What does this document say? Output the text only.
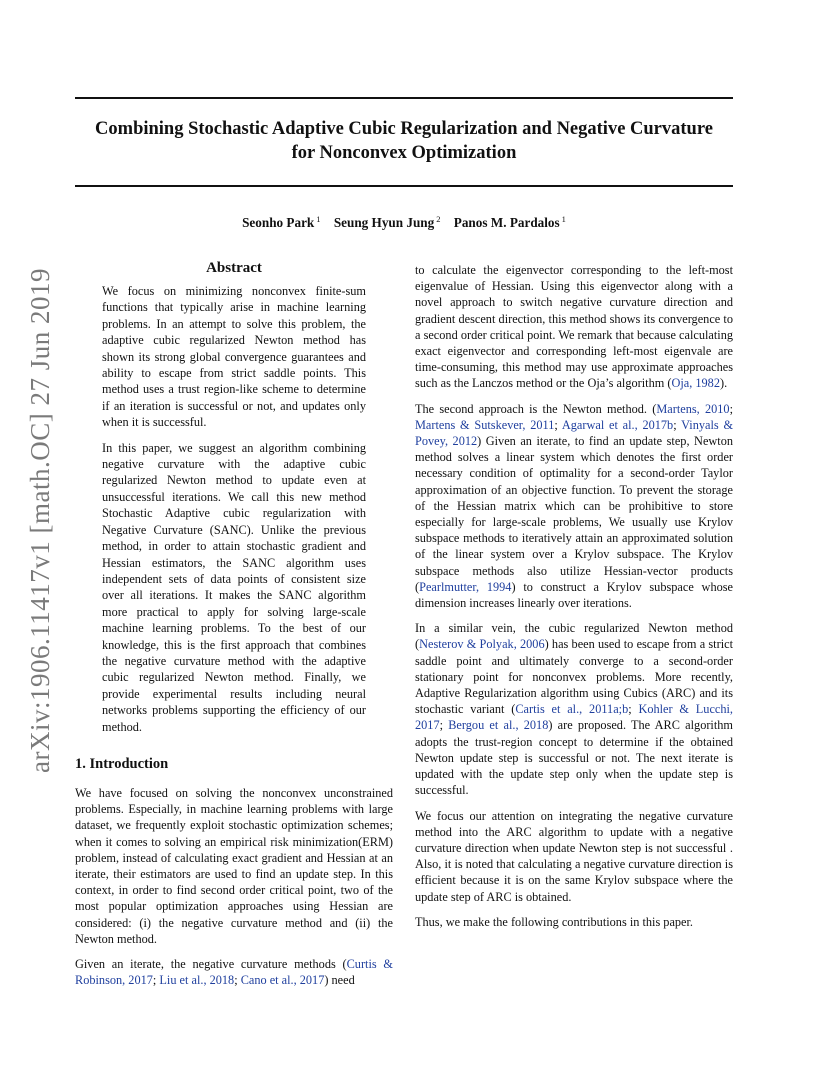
Combining Stochastic Adaptive Cubic Regularization and Negative Curvature
for Nonconvex Optimization
Seonho Park $^1$ Seung Hyun Jung $^2$ Panos M. Pardalos $^1$
arXiv:1906.11417v1 [math.OC] 27 Jun 2019	Abstract

We focus on minimizing nonconvex finite-sum functions that typically arise in machine learning problems. In an attempt to solve this problem, the adaptive cubic regularized Newton method has shown its strong global convergence guarantees and ability to escape from strict saddle points. This method uses a trust region-like scheme to determine if an iteration is successful or not, and updates only when it is successful.

In this paper, we suggest an algorithm combining negative curvature with the adaptive cubic regularized Newton method to update even at unsuccessful iterations. We call this new method Stochastic Adaptive cubic regularization with Negative Curvature (SANC). Unlike the previous method, in order to attain stochastic gradient and Hessian estimators, the SANC algorithm uses independent sets of data points of consistent size over all iterations. It makes the SANC algorithm more practical to apply for solving large-scale machine learning problems. To the best of our knowledge, this is the first approach that combines the negative curvature method with the adaptive cubic regularized Newton method. Finally, we provide experimental results including neural networks problems supporting the efficiency of our method.

1. Introduction

We have focused on solving the nonconvex unconstrained problems. Especially, in machine learning problems with large dataset, we frequently exploit stochastic optimization schemes; when it comes to solving an empirical risk minimization(ERM) problem, instead of calculating exact gradient and Hessian at an iterate, their estimators are used to find an update step. In this context, in order to find second order critical point, two of the most popular optimization approaches using Hessian are considered: (i) the negative curvature method and (ii) the Newton method.

Given an iterate, the negative curvature methods (Curtis & Robinson, 2017; Liu et al., 2018; Cano et al., 2017) need

to calculate the eigenvector corresponding to the left-most eigenvalue of Hessian. Using this eigenvector along with a novel approach to switch negative curvature direction and gradient descent direction, this method shows its convergence to a second order critical point. We remark that because calculating exact eigenvector and corresponding left-most eigenvale are time-consuming, this method may use approximate approaches such as the Lanczos method or the Oja’s algorithm (Oja, 1982).

The second approach is the Newton method. (Martens, 2010; Martens & Sutskever, 2011; Agarwal et al., 2017b; Vinyals & Povey, 2012) Given an iterate, to find an update step, Newton method solves a linear system which denotes the first order necessary condition of optimality for a second-order Taylor approximation of an objective function. To prevent the storage of the Hessian matrix which can be prohibitive to store especially for large-scale problems, We usually use Krylov subspace methods to iteratively attain an approximated solution of the linear system over a Krylov subspace. The Krylov subspace methods also utilize Hessian-vector products (Pearlmutter, 1994) to construct a Krylov subspace whose dimension increases linearly over iterations.

In a similar vein, the cubic regularized Newton method (Nesterov & Polyak, 2006) has been used to escape from a strict saddle point and ultimately converge to a second-order stationary point for nonconvex problems. More recently, Adaptive Regularization algorithm using Cubics (ARC) and its stochastic variant (Cartis et al., 2011a;b; Kohler & Lucchi, 2017; Bergou et al., 2018) are proposed. The ARC algorithm adopts the trust-region concept to determine if the obtained Newton update step is successful or not. The next iterate is updated with the update step only when the update step is successful.

We focus our attention on integrating the negative curvature method into the ARC algorithm to update with a negative curvature direction when update Newton step is not successful . Also, it is noted that calculating a negative curvature direction is efficient because it is on the same Krylov subspace where the update step of ARC is obtained.

Thus, we make the following contributions in this paper.
